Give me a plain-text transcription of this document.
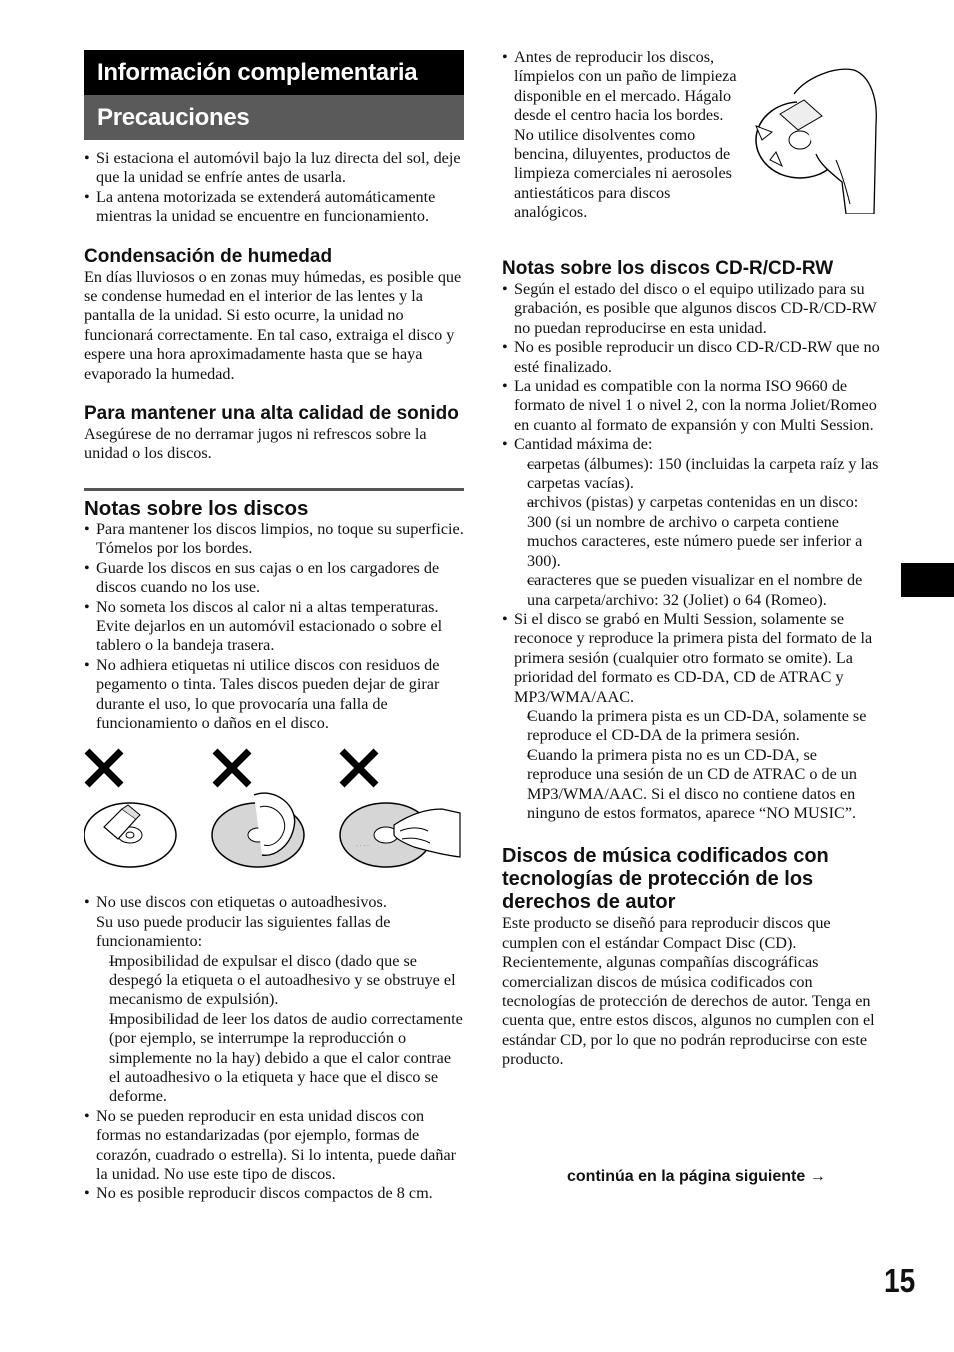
Información complementaria
Precauciones
• Si estaciona el automóvil bajo la luz directa del sol, deje que la unidad se enfríe antes de usarla.
• La antena motorizada se extenderá automáticamente mientras la unidad se encuentre en funcionamiento.
Condensación de humedad

En días lluviosos o en zonas muy húmedas, es posible que se condense humedad en el interior de las lentes y la pantalla de la unidad. Si esto ocurre, la unidad no funcionará correctamente. En tal caso, extraiga el disco y espere una hora aproximadamente hasta que se haya evaporado la humedad.

Para mantener una alta calidad de sonido

Asegúrese de no derramar jugos ni refrescos sobre la unidad o los discos.

Notas sobre los discos
• Para mantener los discos limpios, no toque su superficie. Tómelos por los bordes.
• Guarde los discos en sus cajas o en los cargadores de discos cuando no los use.
• No someta los discos al calor ni a altas temperaturas. Evite dejarlos en un automóvil estacionado o sobre el tablero o la bandeja trasera.
• No adhiera etiquetas ni utilice discos con residuos de pegamento o tinta. Tales discos pueden dejar de girar durante el uso, lo que provocaría una falla de funcionamiento o daños en el disco.
· · · ·
• No use discos con etiquetas o autoadhesivos.
Su uso puede producir las siguientes fallas de funcionamiento:
– Imposibilidad de expulsar el disco (dado que se despegó la etiqueta o el autoadhesivo y se obstruye el mecanismo de expulsión).
– Imposibilidad de leer los datos de audio correctamente (por ejemplo, se interrumpe la reproducción o simplemente no la hay) debido a que el calor contrae el autoadhesivo o la etiqueta y hace que el disco se deforme.
• No se pueden reproducir en esta unidad discos con formas no estandarizadas (por ejemplo, formas de corazón, cuadrado o estrella). Si lo intenta, puede dañar la unidad. No use este tipo de discos.
• No es posible reproducir discos compactos de 8 cm.
• Antes de reproducir los discos, límpielos con un paño de limpieza disponible en el mercado. Hágalo desde el centro hacia los bordes. No utilice disolventes como bencina, diluyentes, productos de limpieza comerciales ni aerosoles antiestáticos para discos analógicos.
Notas sobre los discos CD-R/CD-RW
• Según el estado del disco o el equipo utilizado para su grabación, es posible que algunos discos CD-R/CD-RW no puedan reproducirse en esta unidad.
• No es posible reproducir un disco CD-R/CD-RW que no esté finalizado.
• La unidad es compatible con la norma ISO 9660 de formato de nivel 1 o nivel 2, con la norma Joliet/Romeo en cuanto al formato de expansión y con Multi Session.
• Cantidad máxima de:
– carpetas (álbumes): 150 (incluidas la carpeta raíz y las carpetas vacías).
– archivos (pistas) y carpetas contenidas en un disco: 300 (si un nombre de archivo o carpeta contiene muchos caracteres, este número puede ser inferior a 300).
– caracteres que se pueden visualizar en el nombre de una carpeta/archivo: 32 (Joliet) o 64 (Romeo).
• Si el disco se grabó en Multi Session, solamente se reconoce y reproduce la primera pista del formato de la primera sesión (cualquier otro formato se omite). La prioridad del formato es CD-DA, CD de ATRAC y MP3/WMA/AAC.
– Cuando la primera pista es un CD-DA, solamente se reproduce el CD-DA de la primera sesión.
– Cuando la primera pista no es un CD-DA, se reproduce una sesión de un CD de ATRAC o de un MP3/WMA/AAC. Si el disco no contiene datos en ninguno de estos formatos, aparece “NO MUSIC”.
Discos de música codificados con tecnologías de protección de los derechos de autor

Este producto se diseñó para reproducir discos que cumplen con el estándar Compact Disc (CD). Recientemente, algunas compañías discográficas comercializan discos de música codificados con tecnologías de protección de derechos de autor. Tenga en cuenta que, entre estos discos, algunos no cumplen con el estándar CD, por lo que no podrán reproducirse con este producto.

continúa en la página siguiente →
15
